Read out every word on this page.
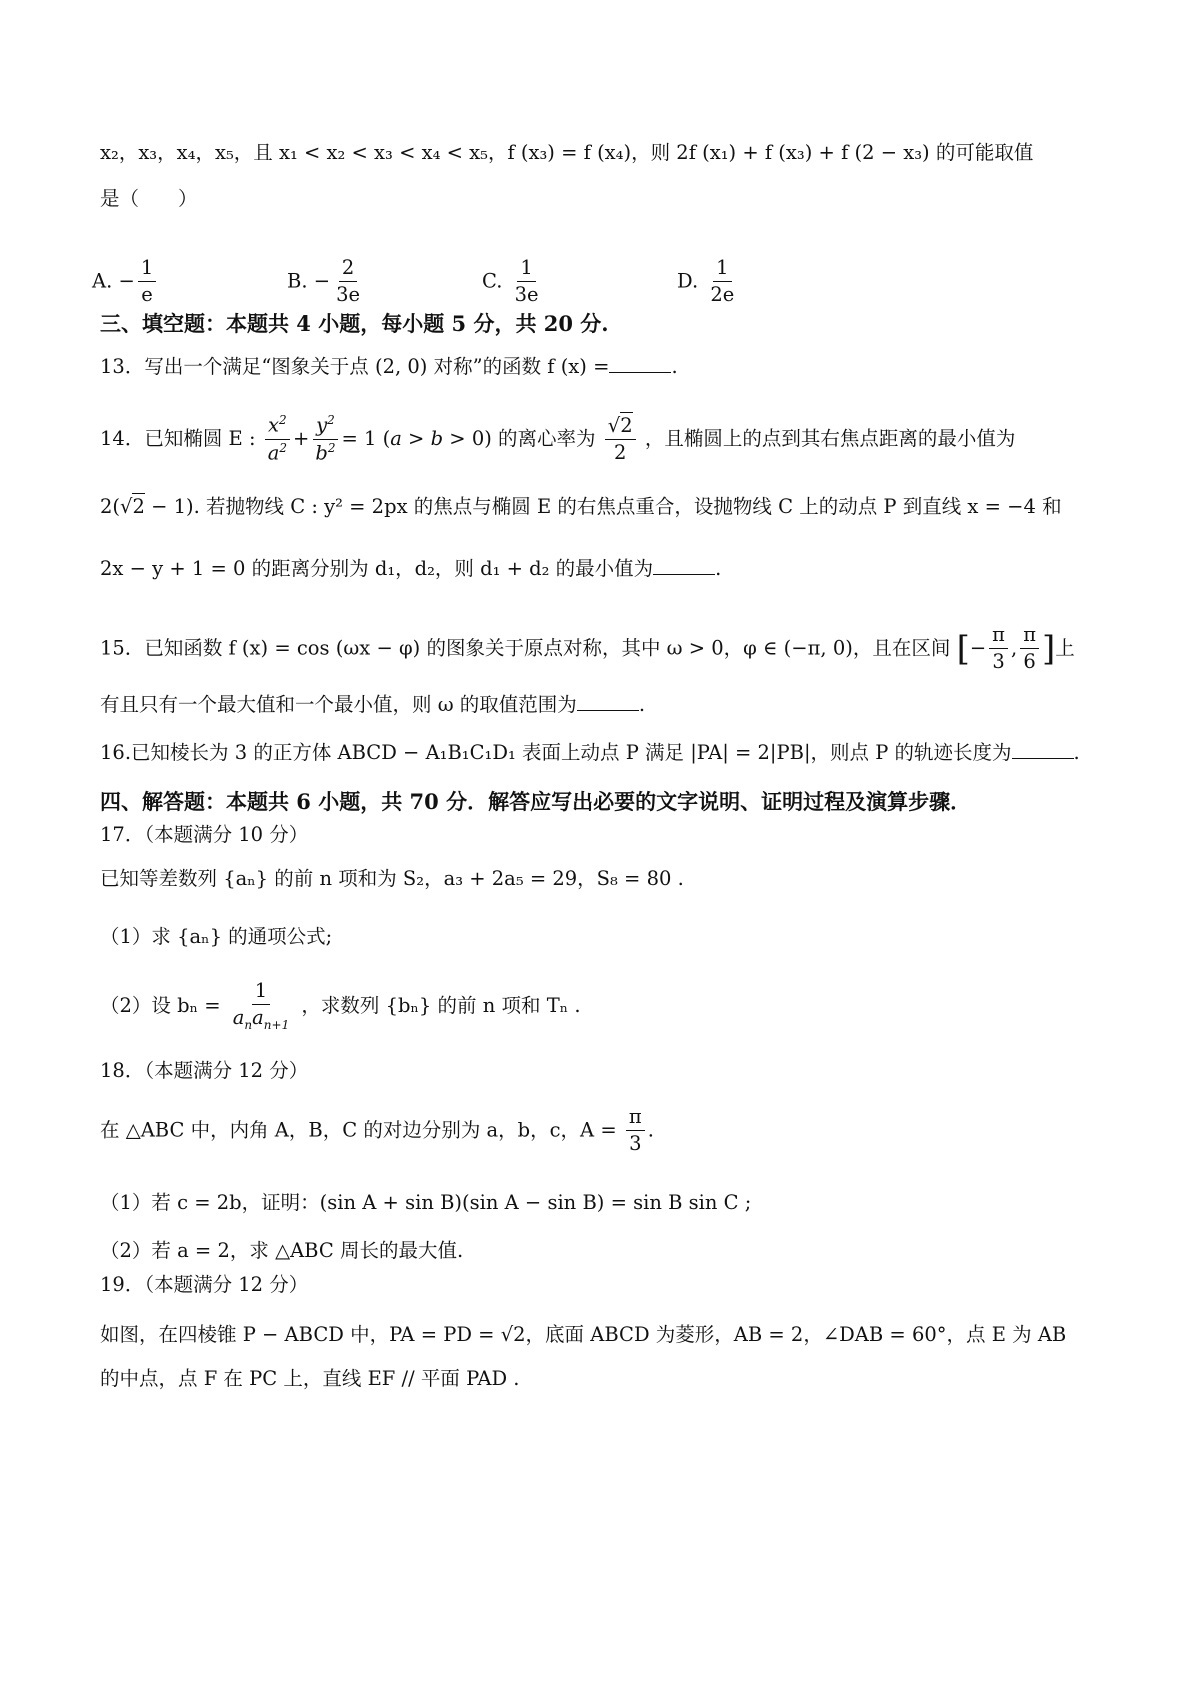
x₂，x₃，x₄，x₅，且 x₁ < x₂ < x₃ < x₄ < x₅，f (x₃) = f (x₄)，则 2f (x₁) + f (x₃) + f (2 − x₃) 的可能取值
是（　　）
A. − $\frac{1}{e}$	B. − $\frac{2}{3e}$	C. $\frac{1}{3e}$	D. $\frac{1}{2e}$
三、填空题：本题共 4 小题，每小题 5 分，共 20 分.
13．写出一个满足“图象关于点 (2, 0) 对称”的函数 f (x) =	.
14．已知椭圆 E : $\frac{x^2}{a^2} + \frac{y^2}{b^2} = 1$ (a > b > 0) 的离心率为 $\frac{√2}{2}$ ，且椭圆上的点到其右焦点距离的最小值为
2(√2 − 1). 若抛物线 C : y² = 2px 的焦点与椭圆 E 的右焦点重合，设抛物线 C 上的动点 P 到直线 x = −4 和
2x − y + 1 = 0 的距离分别为 d₁，d₂，则 d₁ + d₂ 的最小值为	.
15．已知函数 f (x) = cos (ωx − φ) 的图象关于原点对称，其中 ω > 0，φ ∈ (−π, 0)，且在区间 [− $\frac{\pi}{3}$ , $\frac{\pi}{6}$ ]上
有且只有一个最大值和一个最小值，则 ω 的取值范围为	.
16.已知棱长为 3 的正方体 ABCD − A₁B₁C₁D₁ 表面上动点 P 满足 |PA| = 2|PB|，则点 P 的轨迹长度为	.
四、解答题：本题共 6 小题，共 70 分．解答应写出必要的文字说明、证明过程及演算步骤．
17．（本题满分 10 分）
已知等差数列 {aₙ} 的前 n 项和为 S₂，a₃ + 2a₅ = 29，S₈ = 80 .
（1）求 {aₙ} 的通项公式;
（2）设 $b_n = \frac{1}{a_na_{n+1}}$ ，求数列 {bₙ} 的前 n 项和 Tₙ .
18．（本题满分 12 分）
在 △ABC 中，内角 A，B，C 的对边分别为 a，b，c，$A = \frac{\pi}{3}$ .
（1）若 c = 2b，证明：(sin A + sin B)(sin A − sin B) = sin B sin C ;
（2）若 a = 2，求 △ABC 周长的最大值.
19．（本题满分 12 分）
如图，在四棱锥 P − ABCD 中，PA = PD = √2，底面 ABCD 为菱形，AB = 2，∠DAB = 60°，点 E 为 AB
的中点，点 F 在 PC 上，直线 EF // 平面 PAD .
